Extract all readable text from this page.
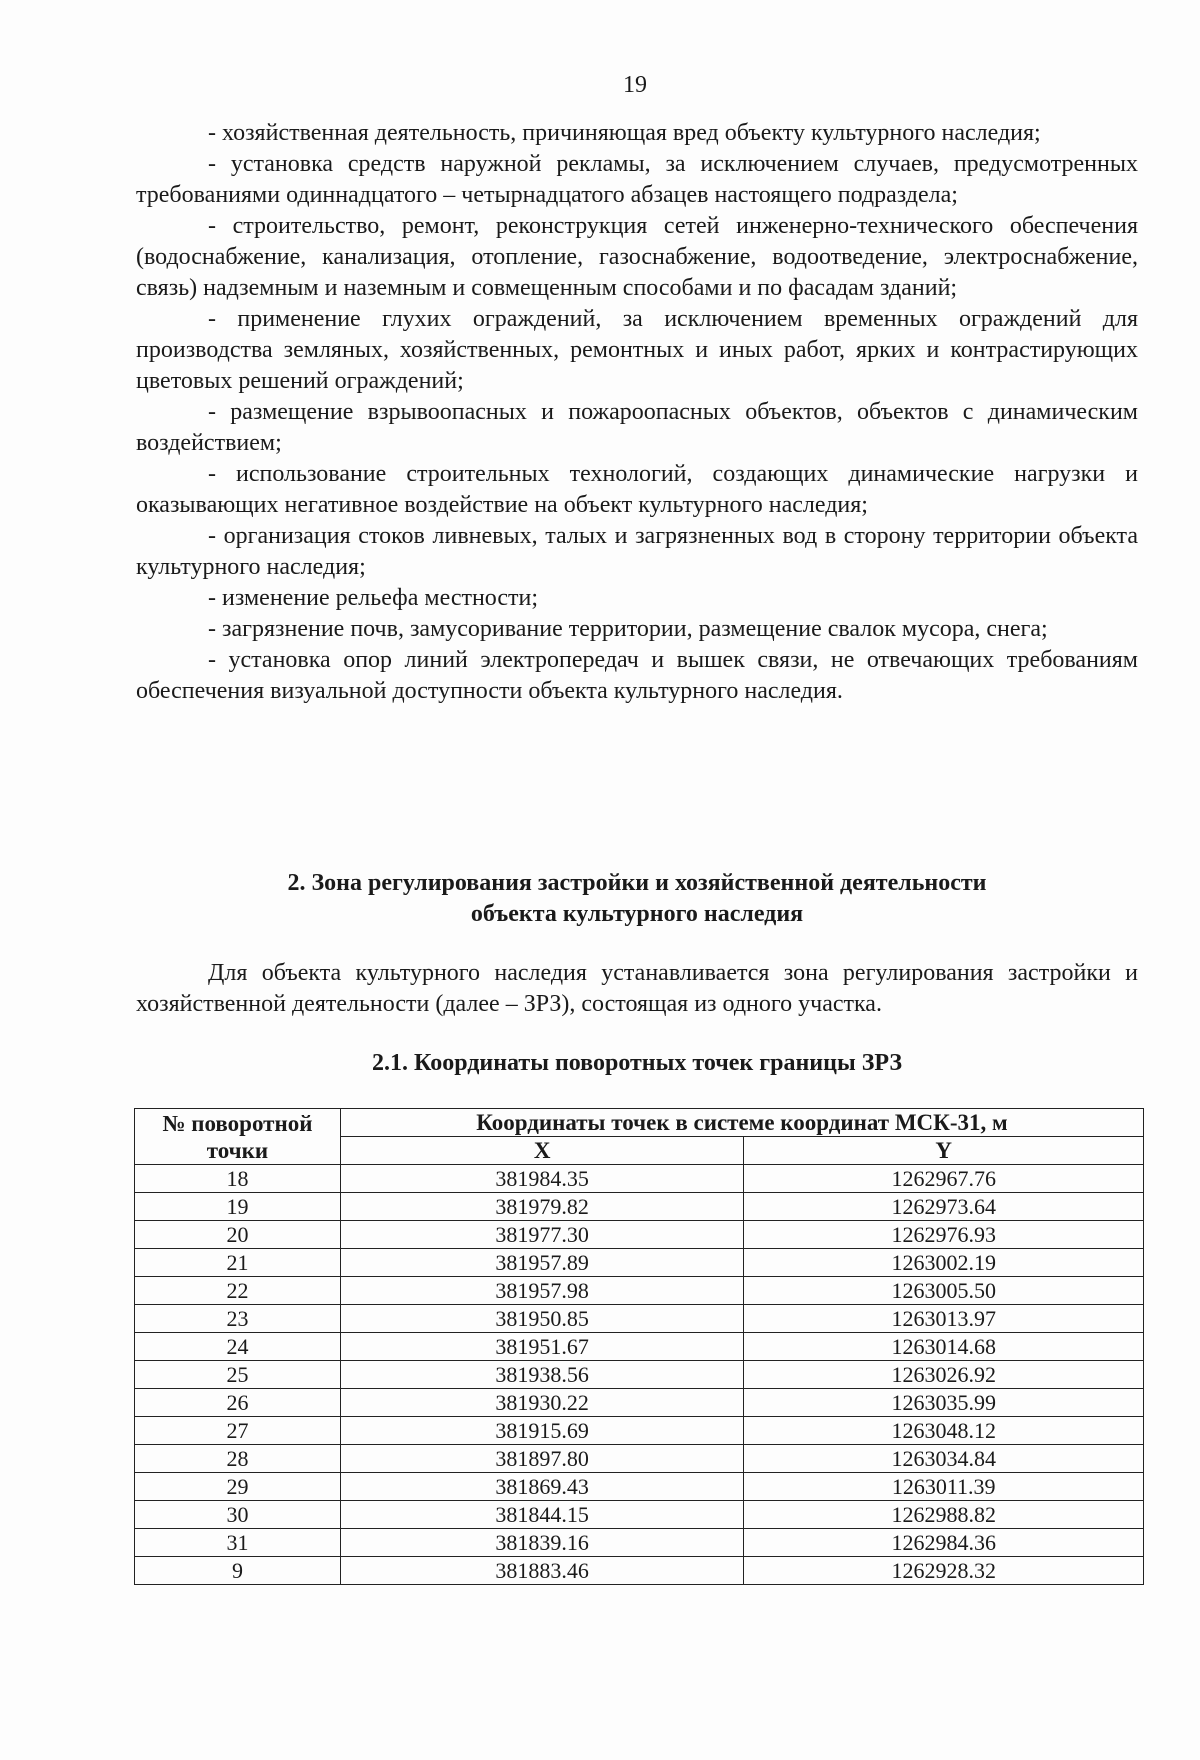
19

- хозяйственная деятельность, причиняющая вред объекту культурного наследия;

- установка средств наружной рекламы, за исключением случаев, предусмотренных требованиями одиннадцатого – четырнадцатого абзацев настоящего подраздела;

- строительство, ремонт, реконструкция сетей инженерно-технического обеспечения (водоснабжение, канализация, отопление, газоснабжение, водоотведение, электроснабжение, связь) надземным и наземным и совмещенным способами и по фасадам зданий;

- применение глухих ограждений, за исключением временных ограждений для производства земляных, хозяйственных, ремонтных и иных работ, ярких и контрастирующих цветовых решений ограждений;

- размещение взрывоопасных и пожароопасных объектов, объектов с динамическим воздействием;

- использование строительных технологий, создающих динамические нагрузки и оказывающих негативное воздействие на объект культурного наследия;

- организация стоков ливневых, талых и загрязненных вод в сторону территории объекта культурного наследия;

- изменение рельефа местности;

- загрязнение почв, замусоривание территории, размещение свалок мусора, снега;

- установка опор линий электропередач и вышек связи, не отвечающих требованиям обеспечения визуальной доступности объекта культурного наследия.

2. Зона регулирования застройки и хозяйственной деятельности
объекта культурного наследия
Для объекта культурного наследия устанавливается зона регулирования застройки и хозяйственной деятельности (далее – ЗРЗ), состоящая из одного участка.
2.1. Координаты поворотных точек границы ЗРЗ
№ поворотной
точки	Координаты точек в системе координат МСК-31, м	
	X	Y
18	381984.35	1262967.76
19	381979.82	1262973.64
20	381977.30	1262976.93
21	381957.89	1263002.19
22	381957.98	1263005.50
23	381950.85	1263013.97
24	381951.67	1263014.68
25	381938.56	1263026.92
26	381930.22	1263035.99
27	381915.69	1263048.12
28	381897.80	1263034.84
29	381869.43	1263011.39
30	381844.15	1262988.82
31	381839.16	1262984.36
9	381883.46	1262928.32
